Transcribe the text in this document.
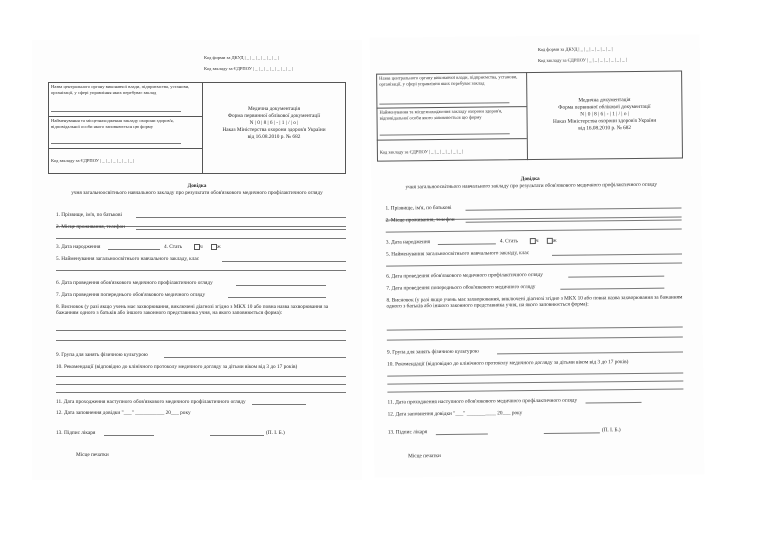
Код форми за ДКУД | _ | _ | _ | _ | _ | _ |
Код закладу за ЄДРПОУ | _ | _ | _ | _ | _ | _ | _ |
Назва центрального органу виконавчої влади, підприємства, установи, організації, у сфері управління яких перебуває заклад
Найменування та місцезнаходження закладу охорони здоров'я, відповідальної особи якого заповнюється цю форму
Код закладу за ЄДРПОУ | _ | _ | _ | _ | _ | _ |
Медична документація
Форма первинної облікової документації
N | 0 | 8 | 6 | - | 1 | / | о |
Наказ Міністерства охорони здоров'я України
від 16.08.2010 р. № 682
Довідка
учня загальноосвітнього навчального закладу про результати обов'язкового медичного профілактичного огляду
1. Прізвище, ім'я, по батькові
2. Місце проживання, телефон
3. Дата народження	4. Стать	ч	ж
5. Найменування загальноосвітнього навчального закладу, клас
6. Дата проведення обов'язкового медичного профілактичного огляду
7. Дата проведення попереднього обов'язкового медичного огляду
8. Висновок (у разі якщо учень має захворювання, виключені діагнозі згідно з МКХ 10 або повна назва захворювання за бажанням одного з батьків або іншого законного представника учня, на якого заповнюється форма):
9. Група для занять фізичною культурою
10. Рекомендації (відповідно до клінічного протоколу медичного догляду за дітьми віком від 3 до 17 років)
11. Дата проходження наступного обов'язкового медичного профілактичного огляду
12. Дата заповнення довідки "___" ___________ 20___ року
13. Підпис лікаря	(П. І. Б.)
Місце печатки
Код форми за ДКУД | _ | _ | _ | _ | _ | _ |
Код закладу за ЄДРПОУ | _ | _ | _ | _ | _ | _ | _ |
Назва центрального органу виконавчої влади, підприємства, установи, організації, у сфері управління яких перебуває заклад
Найменування та місцезнаходження закладу охорони здоров'я, відповідальної особи якого заповнюється цю форму
Код закладу за ЄДРПОУ | _ | _ | _ | _ | _ | _ |
Медична документація
Форма первинної облікової документації
N | 0 | 8 | 6 | - | 1 | / | о |
Наказ Міністерства охорони здоров'я України
від 16.08.2010 р. № 682
Довідка
учня загальноосвітнього навчального закладу про результати обов'язкового медичного профілактичного огляду
1. Прізвище, ім'я, по батькові
2. Місце проживання, телефон
3. Дата народження	4. Стать	ч	ж
5. Найменування загальноосвітнього навчального закладу, клас
6. Дата проведення обов'язкового медичного профілактичного огляду
7. Дата проведення попереднього обов'язкового медичного огляду
8. Висновок (у разі якщо учень має захворювання, виключені діагнозі згідно з МКХ 10 або повна назва захворювання за бажанням одного з батьків або іншого законного представника учня, на якого заповнюється форма):
9. Група для занять фізичною культурою
10. Рекомендації (відповідно до клінічного протоколу медичного догляду за дітьми віком від 3 до 17 років)
11. Дата проходження наступного обов'язкового медичного профілактичного огляду
12. Дата заповнення довідки "___" ___________ 20___ року
13. Підпис лікаря	(П. І. Б.)
Місце печатки
